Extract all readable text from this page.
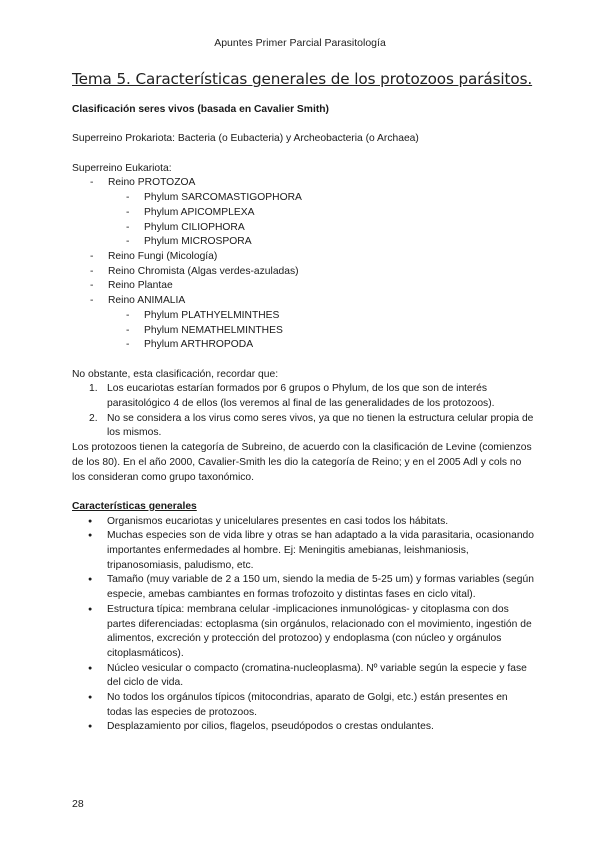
Apuntes Primer Parcial Parasitología
Tema 5. Características generales de los protozoos parásitos.

Clasificación seres vivos (basada en Cavalier Smith)

Superreino Prokariota: Bacteria (o Eubacteria) y Archeobacteria (o Archaea)

Superreino Eukariota:

- Reino PROTOZOA
- Phylum SARCOMASTIGOPHORA
- Phylum APICOMPLEXA
- Phylum CILIOPHORA
- Phylum MICROSPORA
- Reino Fungi (Micología)
- Reino Chromista (Algas verdes-azuladas)
- Reino Plantae
- Reino ANIMALIA
- Phylum PLATHYELMINTHES
- Phylum NEMATHELMINTHES
- Phylum ARTHROPODA

No obstante, esta clasificación, recordar que:

1. Los eucariotas estarían formados por 6 grupos o Phylum, de los que son de interés parasitológico 4 de ellos (los veremos al final de las generalidades de los protozoos).
2. No se considera a los virus como seres vivos, ya que no tienen la estructura celular propia de los mismos.

Los protozoos tienen la categoría de Subreino, de acuerdo con la clasificación de Levine (comienzos de los 80). En el año 2000, Cavalier-Smith les dio la categoría de Reino; y en el 2005 Adl y cols no los consideran como grupo taxonómico.

Características generales

● Organismos eucariotas y unicelulares presentes en casi todos los hábitats.
● Muchas especies son de vida libre y otras se han adaptado a la vida parasitaria, ocasionando importantes enfermedades al hombre. Ej: Meningitis amebianas, leishmaniosis, tripanosomiasis, paludismo, etc.
● Tamaño (muy variable de 2 a 150 um, siendo la media de 5-25 um) y formas variables (según especie, amebas cambiantes en formas trofozoito y distintas fases en ciclo vital).
● Estructura típica: membrana celular -implicaciones inmunológicas- y citoplasma con dos partes diferenciadas: ectoplasma (sin orgánulos, relacionado con el movimiento, ingestión de alimentos, excreción y protección del protozoo) y endoplasma (con núcleo y orgánulos citoplasmáticos).
● Núcleo vesicular o compacto (cromatina-nucleoplasma). Nº variable según la especie y fase del ciclo de vida.
● No todos los orgánulos típicos (mitocondrias, aparato de Golgi, etc.) están presentes en todas las especies de protozoos.
● Desplazamiento por cilios, flagelos, pseudópodos o crestas ondulantes.
28
